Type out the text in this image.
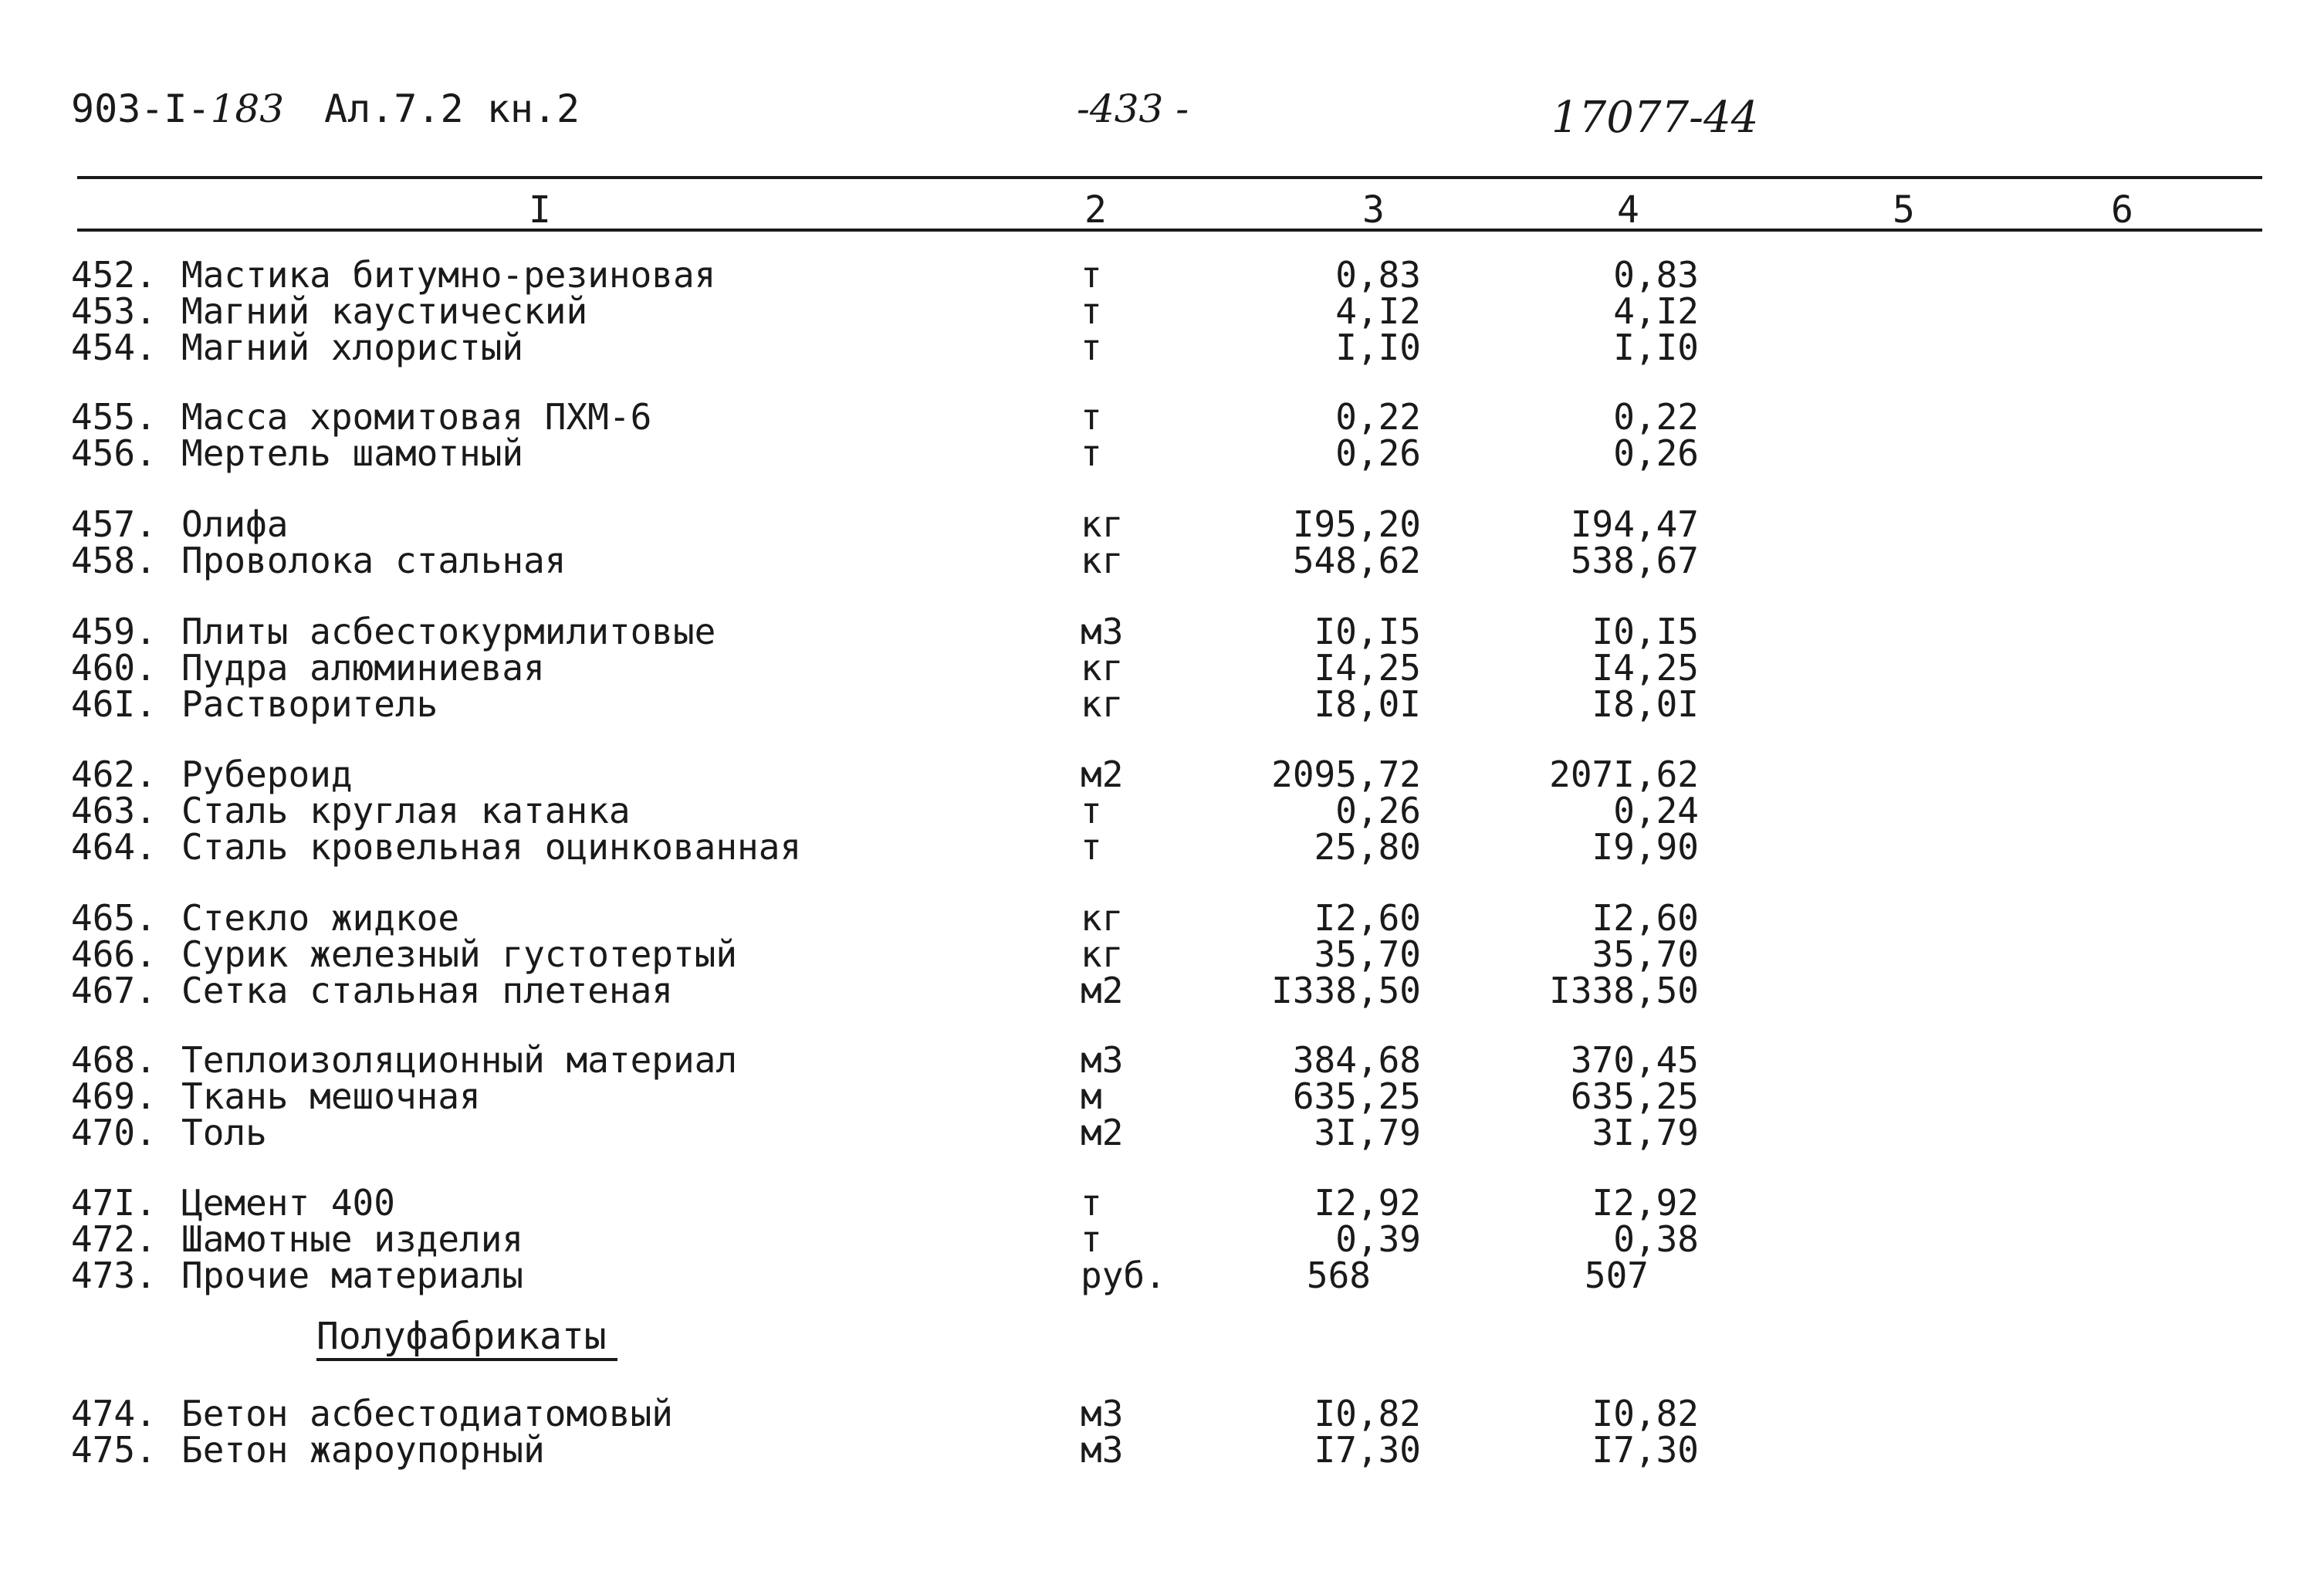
903-I-183 Ал.7.2 кн.2	-433 -	17077-44
I	2	3	4	5	6
452. Мастика битумно-резиновая	т	0,83	0,83
453. Магний каустический	т	4,I2	4,I2
454. Магний хлористый	т	I,I0	I,I0
455. Масса хромитовая ПХМ-6	т	0,22	0,22
456. Мертель шамотный	т	0,26	0,26
457. Олифа	кг	I95,20	I94,47
458. Проволока стальная	кг	548,62	538,67
459. Плиты асбестокурмилитовые	м3	I0,I5	I0,I5
460. Пудра алюминиевая	кг	I4,25	I4,25
46I. Растворитель	кг	I8,0I	I8,0I
462. Рубероид	м2	2095,72	207I,62
463. Сталь круглая катанка	т	0,26	0,24
464. Сталь кровельная оцинкованная	т	25,80	I9,90
465. Стекло жидкое	кг	I2,60	I2,60
466. Сурик железный густотертый	кг	35,70	35,70
467. Сетка стальная плетеная	м2	I338,50	I338,50
468. Теплоизоляционный материал	м3	384,68	370,45
469. Ткань мешочная	м	635,25	635,25
470. Толь	м2	3I,79	3I,79
47I. Цемент 400	т	I2,92	I2,92
472. Шамотные изделия	т	0,39	0,38
473. Прочие материалы	руб.	568	507
Полуфабрикаты
474. Бетон асбестодиатомовый	м3	I0,82	I0,82
475. Бетон жароупорный	м3	I7,30	I7,30
